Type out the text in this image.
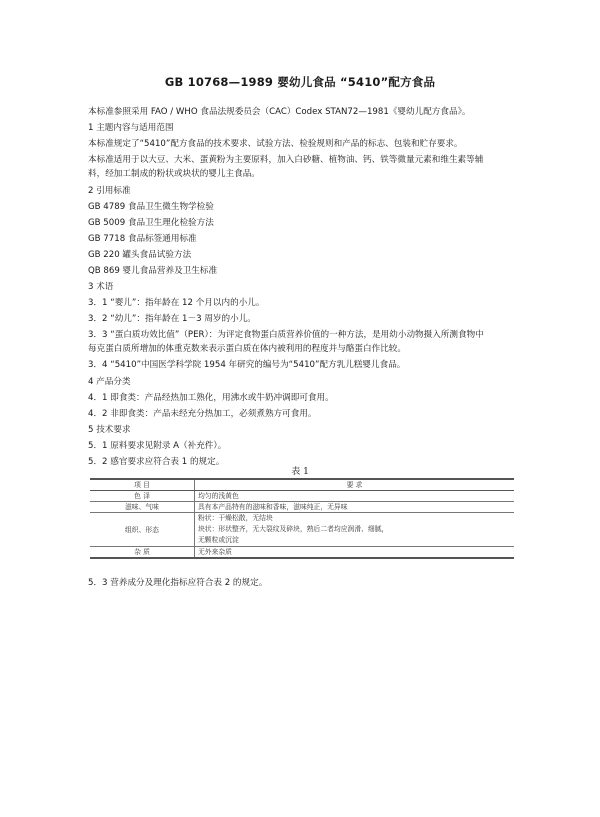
GB 10768—1989 婴幼儿食品 “5410”配方食品
本标准参照采用 FAO / WHO 食品法规委员会（CAC）Codex STAN72—1981《婴幼儿配方食品》。
1 主题内容与适用范围
本标准规定了“5410”配方食品的技术要求、试验方法、检验规则和产品的标志、包装和贮存要求。
本标准适用于以大豆、大米、蛋黄粉为主要原料，加入白砂糖、植物油、钙、铁等微量元素和维生素等辅
料，经加工制成的粉状或块状的婴儿主食品。
2 引用标准
GB 4789 食品卫生微生物学检验
GB 5009 食品卫生理化检验方法
GB 7718 食品标签通用标准
GB 220 罐头食品试验方法
QB 869 婴儿食品营养及卫生标准
3 术语
3．1 “婴儿”：指年龄在 12 个月以内的小儿。
3．2 “幼儿”：指年龄在 1－3 周岁的小儿。
3．3 “蛋白质功效比值”（PER）：为评定食物蛋白质营养价值的一种方法，是用幼小动物摄入所测食物中
每克蛋白质所增加的体重克数来表示蛋白质在体内被利用的程度并与酪蛋白作比较。
3．4 “5410”中国医学科学院 1954 年研究的编号为“5410”配方乳儿糕婴儿食品。
4 产品分类
4．1 即食类：产品经热加工熟化，用沸水或牛奶冲调即可食用。
4．2 非即食类：产品未经充分热加工，必须煮熟方可食用。
5 技术要求
5．1 原料要求见附录 A（补充件）。
5．2 感官要求应符合表 1 的规定。
表 1
项 目	要 求
色 泽	均匀的浅黄色
滋味、气味	具有本产品特有的滋味和香味，滋味纯正，无异味
组织、形态	粉状：干燥松散，无结块
块状：形状整齐，无大裂纹及碎块，熟后二者均应润滑、细腻，
无颗粒或沉淀

杂 质	无外来杂质
5．3 营养成分及理化指标应符合表 2 的规定。
